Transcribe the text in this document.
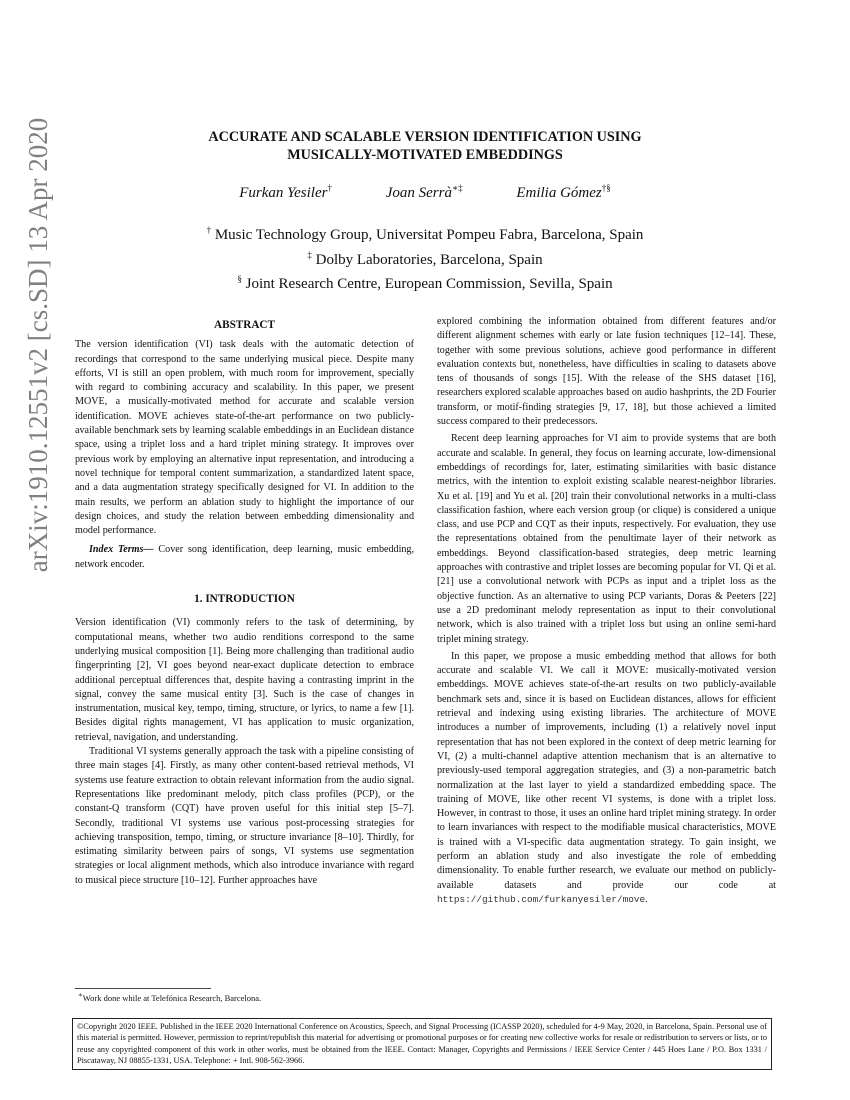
arXiv:1910.12551v2 [cs.SD] 13 Apr 2020	ACCURATE AND SCALABLE VERSION IDENTIFICATION USING
MUSICALLY-MOTIVATED EMBEDDINGS
Furkan Yesiler†	Joan Serrà∗‡	Emilia Gómez†§
† Music Technology Group, Universitat Pompeu Fabra, Barcelona, Spain
‡ Dolby Laboratories, Barcelona, Spain
§ Joint Research Centre, European Commission, Sevilla, Spain
ABSTRACT

The version identification (VI) task deals with the automatic detection of recordings that correspond to the same underlying musical piece. Despite many efforts, VI is still an open problem, with much room for improvement, specially with regard to combining accuracy and scalability. In this paper, we present MOVE, a musically-motivated method for accurate and scalable version identification. MOVE achieves state-of-the-art performance on two publicly-available benchmark sets by learning scalable embeddings in an Euclidean distance space, using a triplet loss and a hard triplet mining strategy. It improves over previous work by employing an alternative input representation, and introducing a novel technique for temporal content summarization, a standardized latent space, and a data augmentation strategy specifically designed for VI. In addition to the main results, we perform an ablation study to highlight the importance of our design choices, and study the relation between embedding dimensionality and model performance.

Index Terms— Cover song identification, deep learning, music embedding, network encoder.

1. INTRODUCTION

Version identification (VI) commonly refers to the task of determining, by computational means, whether two audio renditions correspond to the same underlying musical composition [1]. Being more challenging than traditional audio fingerprinting [2], VI goes beyond near-exact duplicate detection to embrace additional perceptual differences that, despite having a contrasting imprint in the signal, convey the same musical entity [3]. Such is the case of changes in instrumentation, musical key, tempo, timing, structure, or lyrics, to name a few [1]. Besides digital rights management, VI has application to music organization, retrieval, navigation, and understanding.

Traditional VI systems generally approach the task with a pipeline consisting of three main stages [4]. Firstly, as many other content-based retrieval methods, VI systems use feature extraction to obtain relevant information from the audio signal. Representations like predominant melody, pitch class profiles (PCP), or the constant-Q transform (CQT) have proven useful for this initial step [5–7]. Secondly, traditional VI systems use various post-processing strategies for achieving transposition, tempo, timing, or structure invariance [8–10]. Thirdly, for estimating similarity between pairs of songs, VI systems use segmentation strategies or local alignment methods, which also introduce invariance with regard to musical piece structure [10–12]. Further approaches have

explored combining the information obtained from different features and/or different alignment schemes with early or late fusion techniques [12–14]. These, together with some previous solutions, achieve good performance in different evaluation contexts but, nonetheless, have difficulties in scaling to datasets above tens of thousands of songs [15]. With the release of the SHS dataset [16], researchers explored scalable approaches based on audio hashprints, the 2D Fourier transform, or motif-finding strategies [9, 17, 18], but those achieved a limited success compared to their predecessors.

Recent deep learning approaches for VI aim to provide systems that are both accurate and scalable. In general, they focus on learning accurate, low-dimensional embeddings of recordings for, later, estimating similarities with basic distance metrics, with the intention to exploit existing scalable nearest-neighbor libraries. Xu et al. [19] and Yu et al. [20] train their convolutional networks in a multi-class classification fashion, where each version group (or clique) is considered a unique class, and use PCP and CQT as their inputs, respectively. For evaluation, they use the representations obtained from the penultimate layer of their network as embeddings. Beyond classification-based strategies, deep metric learning approaches with contrastive and triplet losses are becoming popular for VI. Qi et al. [21] use a convolutional network with PCPs as input and a triplet loss as the objective function. As an alternative to using PCP variants, Doras & Peeters [22] use a 2D predominant melody representation as input to their convolutional network, which is also trained with a triplet loss but using an online semi-hard triplet mining strategy.

In this paper, we propose a music embedding method that allows for both accurate and scalable VI. We call it MOVE: musically-motivated version embeddings. MOVE achieves state-of-the-art results on two publicly-available benchmark sets and, since it is based on Euclidean distances, allows for efficient retrieval and indexing using existing libraries. The architecture of MOVE introduces a number of improvements, including (1) a relatively novel input representation that has not been explored in the context of deep metric learning for VI, (2) a multi-channel adaptive attention mechanism that is an alternative to previously-used temporal aggregation strategies, and (3) a non-parametric batch normalization at the last layer to yield a standardized embedding space. The training of MOVE, like other recent VI systems, is done with a triplet loss. However, in contrast to those, it uses an online hard triplet mining strategy. In order to learn invariances with respect to the modifiable musical characteristics, MOVE is trained with a VI-specific data augmentation strategy. To gain insight, we perform an ablation study and also investigate the role of embedding dimensionality. To enable further research, we evaluate our method on publicly-available datasets and provide our code at https://github.com/furkanyesiler/move.

∗Work done while at Telefónica Research, Barcelona.
©Copyright 2020 IEEE. Published in the IEEE 2020 International Conference on Acoustics, Speech, and Signal Processing (ICASSP 2020), scheduled for 4-9 May, 2020, in Barcelona, Spain. Personal use of this material is permitted. However, permission to reprint/republish this material for advertising or promotional purposes or for creating new collective works for resale or redistribution to servers or lists, or to reuse any copyrighted component of this work in other works, must be obtained from the IEEE. Contact: Manager, Copyrights and Permissions / IEEE Service Center / 445 Hoes Lane / P.O. Box 1331 / Piscataway, NJ 08855-1331, USA. Telephone: + Intl. 908-562-3966.
